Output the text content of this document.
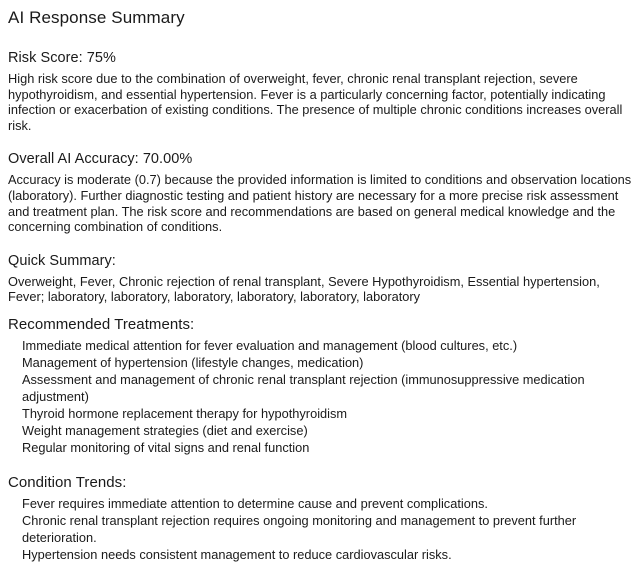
AI Response Summary
Risk Score: 75%

High risk score due to the combination of overweight, fever, chronic renal transplant rejection, severe hypothyroidism, and essential hypertension. Fever is a particularly concerning factor, potentially indicating infection or exacerbation of existing conditions. The presence of multiple chronic conditions increases overall risk.

Overall AI Accuracy: 70.00%

Accuracy is moderate (0.7) because the provided information is limited to conditions and observation locations (laboratory). Further diagnostic testing and patient history are necessary for a more precise risk assessment and treatment plan. The risk score and recommendations are based on general medical knowledge and the concerning combination of conditions.

Quick Summary:

Overweight, Fever, Chronic rejection of renal transplant, Severe Hypothyroidism, Essential hypertension, Fever; laboratory, laboratory, laboratory, laboratory, laboratory, laboratory

Recommended Treatments:
Immediate medical attention for fever evaluation and management (blood cultures, etc.)
Management of hypertension (lifestyle changes, medication)
Assessment and management of chronic renal transplant rejection (immunosuppressive medication adjustment)
Thyroid hormone replacement therapy for hypothyroidism
Weight management strategies (diet and exercise)
Regular monitoring of vital signs and renal function
Condition Trends:
Fever requires immediate attention to determine cause and prevent complications.
Chronic renal transplant rejection requires ongoing monitoring and management to prevent further deterioration.
Hypertension needs consistent management to reduce cardiovascular risks.
